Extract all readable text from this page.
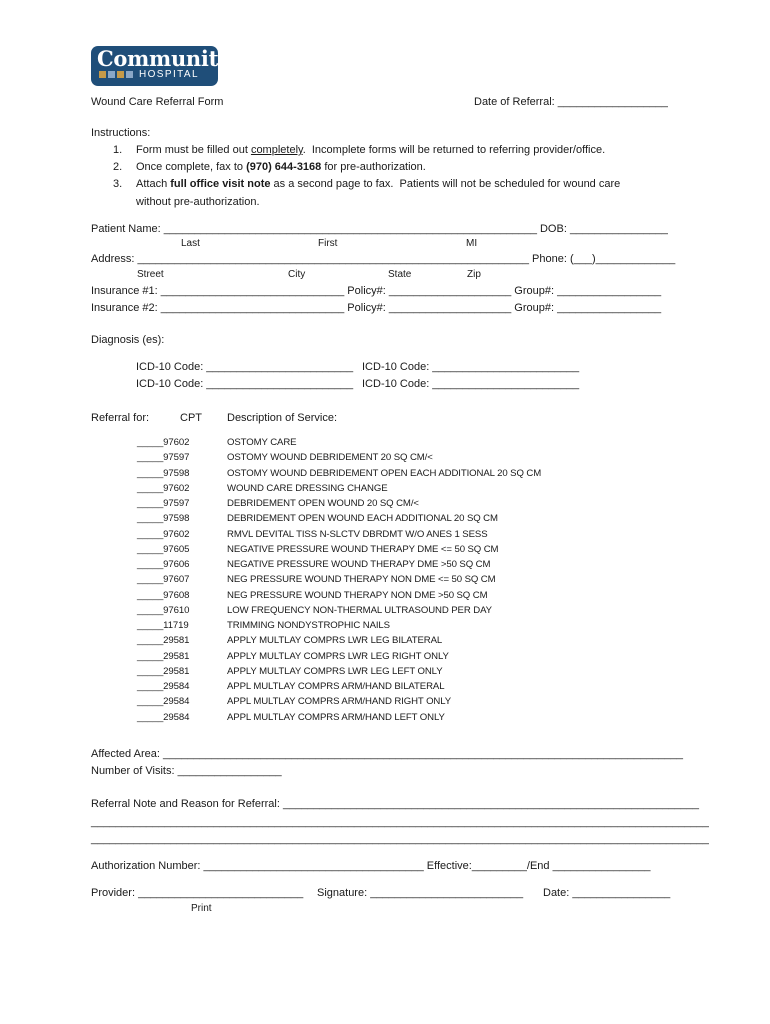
Community
HOSPITAL
Wound Care Referral Form	Date of Referral: __________________
Instructions:
1. Form must be filled out completely.  Incomplete forms will be returned to referring provider/office.
2. Once complete, fax to (970) 644-3168 for pre-authorization.
3. Attach full office visit note as a second page to fax.  Patients will not be scheduled for wound care
without pre-authorization.
Patient Name: _____________________________________________________________ DOB: ________________
Last	First	MI
Address: ________________________________________________________________ Phone: (___)_____________
Street	City	State	Zip
Insurance #1: ______________________________ Policy#: ____________________ Group#: _________________
Insurance #2: ______________________________ Policy#: ____________________ Group#: _________________
Diagnosis (es):
ICD-10 Code: ________________________ ICD-10 Code: ________________________
ICD-10 Code: ________________________ ICD-10 Code: ________________________
Referral for:	CPT Description of Service:
_____97602	OSTOMY CARE
_____97597	OSTOMY WOUND DEBRIDEMENT 20 SQ CM/<
_____97598	OSTOMY WOUND DEBRIDEMENT OPEN EACH ADDITIONAL 20 SQ CM
_____97602	WOUND CARE DRESSING CHANGE
_____97597	DEBRIDEMENT OPEN WOUND 20 SQ CM/<
_____97598	DEBRIDEMENT OPEN WOUND EACH ADDITIONAL 20 SQ CM
_____97602	RMVL DEVITAL TISS N-SLCTV DBRDMT W/O ANES 1 SESS
_____97605	NEGATIVE PRESSURE WOUND THERAPY DME <= 50 SQ CM
_____97606	NEGATIVE PRESSURE WOUND THERAPY DME >50 SQ CM
_____97607	NEG PRESSURE WOUND THERAPY NON DME <= 50 SQ CM
_____97608	NEG PRESSURE WOUND THERAPY NON DME >50 SQ CM
_____97610	LOW FREQUENCY NON-THERMAL ULTRASOUND PER DAY
_____11719	TRIMMING NONDYSTROPHIC NAILS
_____29581	APPLY MULTLAY COMPRS LWR LEG BILATERAL
_____29581	APPLY MULTLAY COMPRS LWR LEG RIGHT ONLY
_____29581	APPLY MULTLAY COMPRS LWR LEG LEFT ONLY
_____29584	APPL MULTLAY COMPRS ARM/HAND BILATERAL
_____29584	APPL MULTLAY COMPRS ARM/HAND RIGHT ONLY
_____29584	APPL MULTLAY COMPRS ARM/HAND LEFT ONLY
Affected Area: _____________________________________________________________________________________
Number of Visits: _________________
Referral Note and Reason for Referral: ____________________________________________________________________
_____________________________________________________________________________________________________
_____________________________________________________________________________________________________
Authorization Number: ____________________________________ Effective:_________/End ________________
Provider: ___________________________ Signature: _________________________ Date: ________________
Print
